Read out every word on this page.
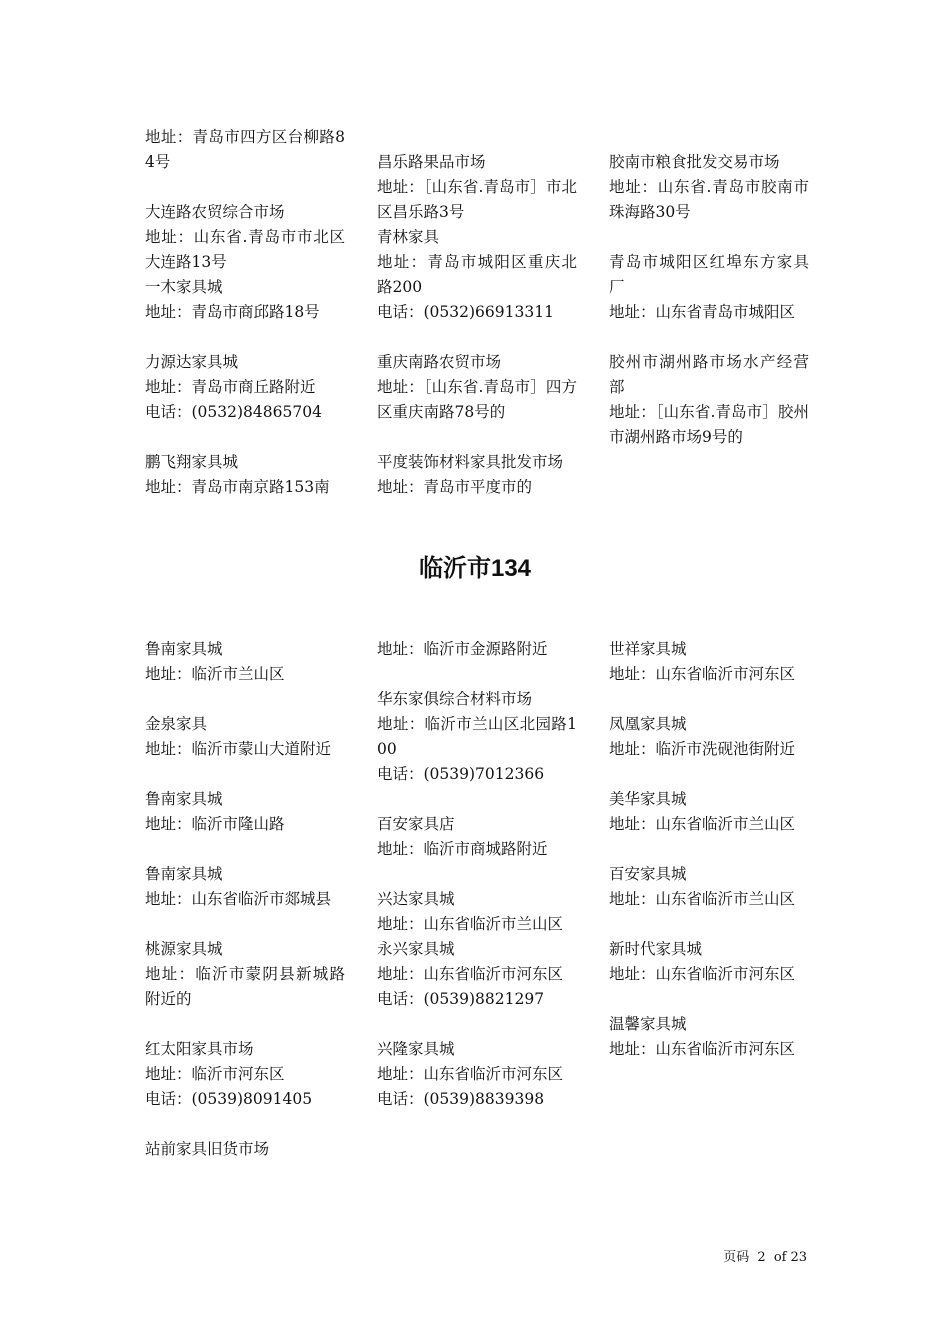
地址：青岛市四方区台柳路84号
大连路农贸综合市场
地址：山东省.青岛市市北区大连路13号
一木家具城
地址：青岛市商邱路18号
力源达家具城
地址：青岛市商丘路附近
电话：(0532)84865704
鹏飞翔家具城
地址：青岛市南京路153南
昌乐路果品市场
地址：［山东省.青岛市］市北区昌乐路3号
青林家具
地址：青岛市城阳区重庆北路200
电话：(0532)66913311
重庆南路农贸市场
地址：［山东省.青岛市］四方区重庆南路78号的
平度装饰材料家具批发市场
地址：青岛市平度市的
胶南市粮食批发交易市场
地址：山东省.青岛市胶南市珠海路30号
青岛市城阳区红埠东方家具厂
地址：山东省青岛市城阳区
胶州市湖州路市场水产经营部
地址：［山东省.青岛市］胶州市湖州路市场9号的
临沂市134
鲁南家具城
地址：临沂市兰山区
金泉家具
地址：临沂市蒙山大道附近
鲁南家具城
地址：临沂市隆山路
鲁南家具城
地址：山东省临沂市郯城县
桃源家具城
地址：临沂市蒙阴县新城路附近的
红太阳家具市场
地址：临沂市河东区
电话：(0539)8091405
站前家具旧货市场
地址：临沂市金源路附近
华东家俱综合材料市场
地址：临沂市兰山区北园路100
电话：(0539)7012366
百安家具店
地址：临沂市商城路附近
兴达家具城
地址：山东省临沂市兰山区
永兴家具城
地址：山东省临沂市河东区
电话：(0539)8821297
兴隆家具城
地址：山东省临沂市河东区
电话：(0539)8839398
世祥家具城
地址：山东省临沂市河东区
凤凰家具城
地址：临沂市洗砚池街附近
美华家具城
地址：山东省临沂市兰山区
百安家具城
地址：山东省临沂市兰山区
新时代家具城
地址：山东省临沂市河东区
温馨家具城
地址：山东省临沂市河东区
页码 2 of 23
